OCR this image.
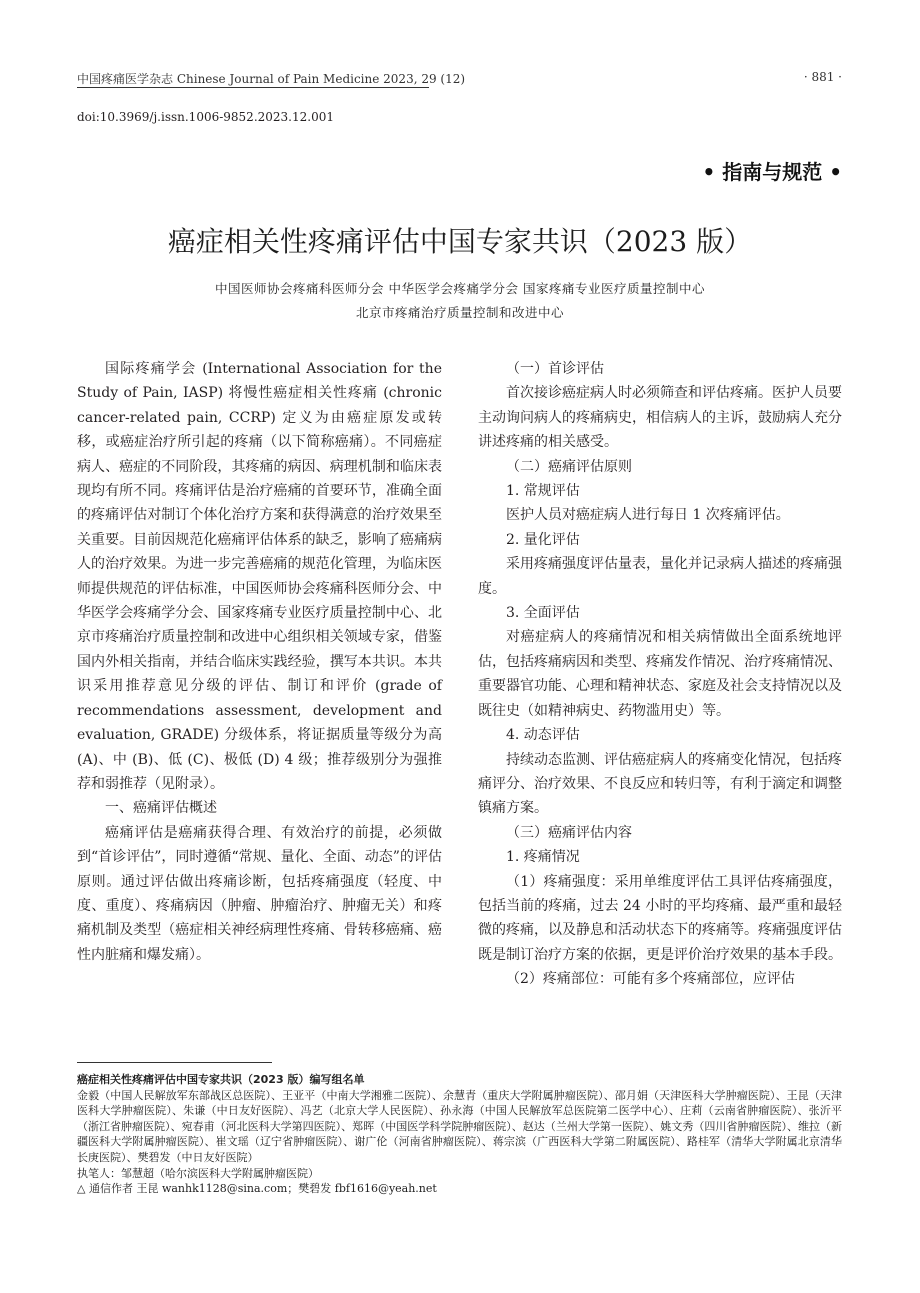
中国疼痛医学杂志 Chinese Journal of Pain Medicine 2023, 29 (12)	· 881 ·
doi:10.3969/j.issn.1006-9852.2023.12.001
• 指南与规范 •
癌症相关性疼痛评估中国专家共识（2023 版）
中国医师协会疼痛科医师分会 中华医学会疼痛学分会 国家疼痛专业医疗质量控制中心
北京市疼痛治疗质量控制和改进中心

国际疼痛学会 (International Association for the Study of Pain, IASP) 将慢性癌症相关性疼痛 (chronic cancer-related pain, CCRP) 定义为由癌症原发或转移，或癌症治疗所引起的疼痛（以下简称癌痛）。不同癌症病人、癌症的不同阶段，其疼痛的病因、病理机制和临床表现均有所不同。疼痛评估是治疗癌痛的首要环节，准确全面的疼痛评估对制订个体化治疗方案和获得满意的治疗效果至关重要。目前因规范化癌痛评估体系的缺乏，影响了癌痛病人的治疗效果。为进一步完善癌痛的规范化管理，为临床医师提供规范的评估标准，中国医师协会疼痛科医师分会、中华医学会疼痛学分会、国家疼痛专业医疗质量控制中心、北京市疼痛治疗质量控制和改进中心组织相关领域专家，借鉴国内外相关指南，并结合临床实践经验，撰写本共识。本共识采用推荐意见分级的评估、制订和评价 (grade of recommendations assessment, development and evaluation, GRADE) 分级体系，将证据质量等级分为高 (A)、中 (B)、低 (C)、极低 (D) 4 级；推荐级别分为强推荐和弱推荐（见附录）。

一、癌痛评估概述

癌痛评估是癌痛获得合理、有效治疗的前提，必须做到“首诊评估”，同时遵循“常规、量化、全面、动态”的评估原则。通过评估做出疼痛诊断，包括疼痛强度（轻度、中度、重度）、疼痛病因（肿瘤、肿瘤治疗、肿瘤无关）和疼痛机制及类型（癌症相关神经病理性疼痛、骨转移癌痛、癌性内脏痛和爆发痛）。

（一）首诊评估

首次接诊癌症病人时必须筛查和评估疼痛。医护人员要主动询问病人的疼痛病史，相信病人的主诉，鼓励病人充分讲述疼痛的相关感受。

（二）癌痛评估原则

1. 常规评估

医护人员对癌症病人进行每日 1 次疼痛评估。

2. 量化评估

采用疼痛强度评估量表，量化并记录病人描述的疼痛强度。

3. 全面评估

对癌症病人的疼痛情况和相关病情做出全面系统地评估，包括疼痛病因和类型、疼痛发作情况、治疗疼痛情况、重要器官功能、心理和精神状态、家庭及社会支持情况以及既往史（如精神病史、药物滥用史）等。

4. 动态评估

持续动态监测、评估癌症病人的疼痛变化情况，包括疼痛评分、治疗效果、不良反应和转归等，有利于滴定和调整镇痛方案。

（三）癌痛评估内容

1. 疼痛情况

（1）疼痛强度：采用单维度评估工具评估疼痛强度，包括当前的疼痛，过去 24 小时的平均疼痛、最严重和最轻微的疼痛，以及静息和活动状态下的疼痛等。疼痛强度评估既是制订治疗方案的依据，更是评价治疗效果的基本手段。

（2）疼痛部位：可能有多个疼痛部位，应评估

癌症相关性疼痛评估中国专家共识（2023 版）编写组名单

金毅（中国人民解放军东部战区总医院）、王亚平（中南大学湘雅二医院）、余慧青（重庆大学附属肿瘤医院）、邵月娟（天津医科大学肿瘤医院）、王昆（天津医科大学肿瘤医院）、朱谦（中日友好医院）、冯艺（北京大学人民医院）、孙永海（中国人民解放军总医院第二医学中心）、庄莉（云南省肿瘤医院）、张沂平（浙江省肿瘤医院）、宛春甫（河北医科大学第四医院）、郑晖（中国医学科学院肿瘤医院）、赵达（兰州大学第一医院）、姚文秀（四川省肿瘤医院）、维拉（新疆医科大学附属肿瘤医院）、崔文瑶（辽宁省肿瘤医院）、谢广伦（河南省肿瘤医院）、蒋宗滨（广西医科大学第二附属医院）、路桂军（清华大学附属北京清华长庚医院）、樊碧发（中日友好医院）

执笔人：邹慧超（哈尔滨医科大学附属肿瘤医院）

△ 通信作者 王昆 wanhk1128@sina.com；樊碧发 fbf1616@yeah.net
